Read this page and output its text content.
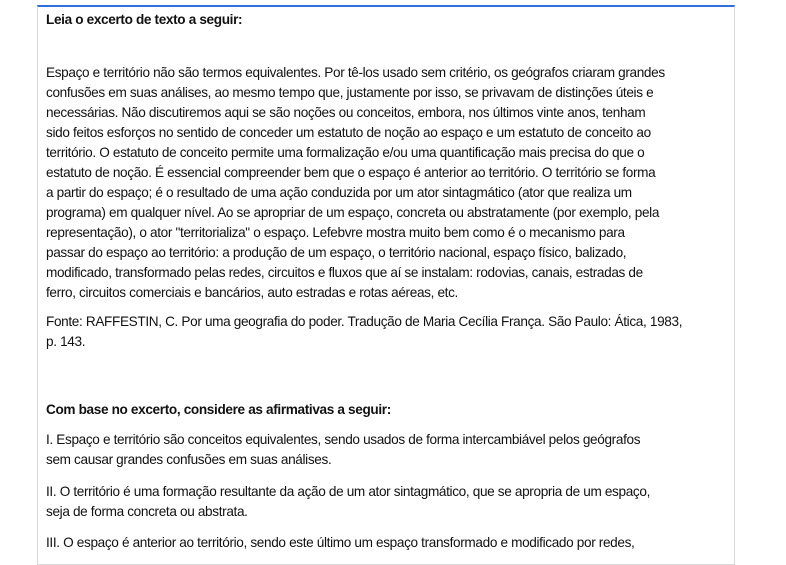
Leia o excerto de texto a seguir:
Espaço e território não são termos equivalentes. Por tê-los usado sem critério, os geógrafos criaram grandes
confusões em suas análises, ao mesmo tempo que, justamente por isso, se privavam de distinções úteis e
necessárias. Não discutiremos aqui se são noções ou conceitos, embora, nos últimos vinte anos, tenham
sido feitos esforços no sentido de conceder um estatuto de noção ao espaço e um estatuto de conceito ao
território. O estatuto de conceito permite uma formalização e/ou uma quantificação mais precisa do que o
estatuto de noção. É essencial compreender bem que o espaço é anterior ao território. O território se forma
a partir do espaço; é o resultado de uma ação conduzida por um ator sintagmático (ator que realiza um
programa) em qualquer nível. Ao se apropriar de um espaço, concreta ou abstratamente (por exemplo, pela
representação), o ator "territorializa" o espaço. Lefebvre mostra muito bem como é o mecanismo para
passar do espaço ao território: a produção de um espaço, o território nacional, espaço físico, balizado,
modificado, transformado pelas redes, circuitos e fluxos que aí se instalam: rodovias, canais, estradas de
ferro, circuitos comerciais e bancários, auto estradas e rotas aéreas, etc.
Fonte: RAFFESTIN, C. Por uma geografia do poder. Tradução de Maria Cecília França. São Paulo: Ática, 1983,
p. 143.
Com base no excerto, considere as afirmativas a seguir:
I. Espaço e território são conceitos equivalentes, sendo usados de forma intercambiável pelos geógrafos
sem causar grandes confusões em suas análises.
II. O território é uma formação resultante da ação de um ator sintagmático, que se apropria de um espaço,
seja de forma concreta ou abstrata.
III. O espaço é anterior ao território, sendo este último um espaço transformado e modificado por redes,
